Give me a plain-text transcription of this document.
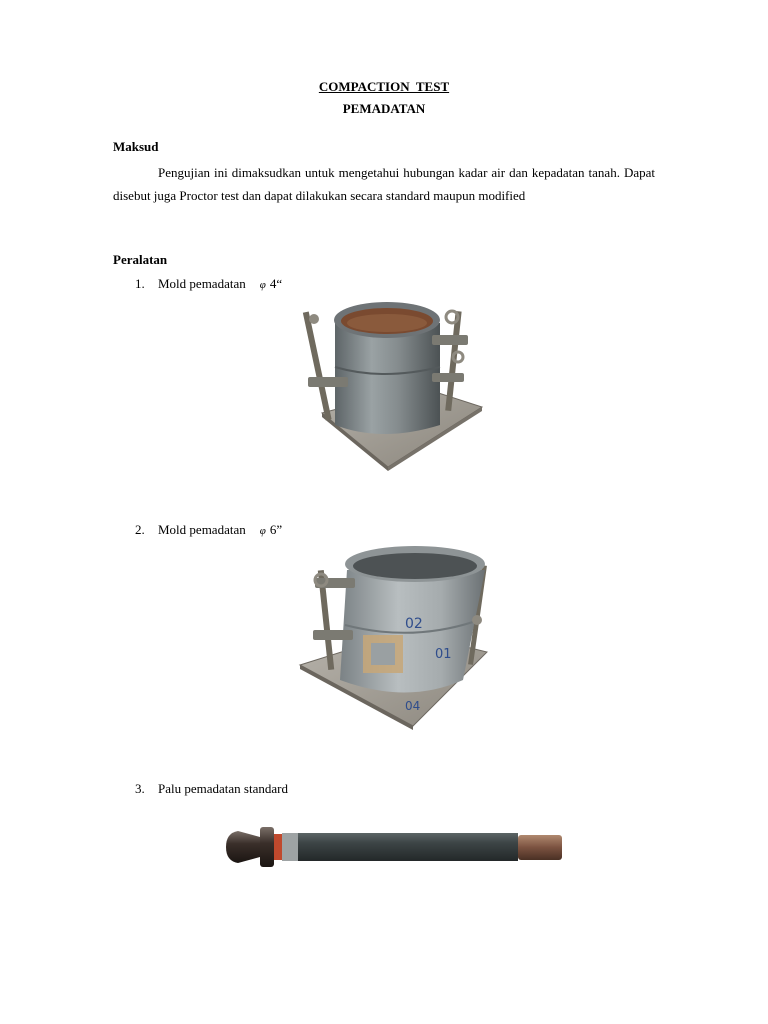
COMPACTION  TEST
PEMADATAN
Maksud
Pengujian ini dimaksudkan untuk mengetahui hubungan kadar air dan kepadatan tanah. Dapat disebut juga Proctor test dan dapat dilakukan secara standard maupun modified
Peralatan
1. Mold pemadatan φ 4“
2. Mold pemadatan φ 6”
02
01
04
3. Palu pemadatan standard
